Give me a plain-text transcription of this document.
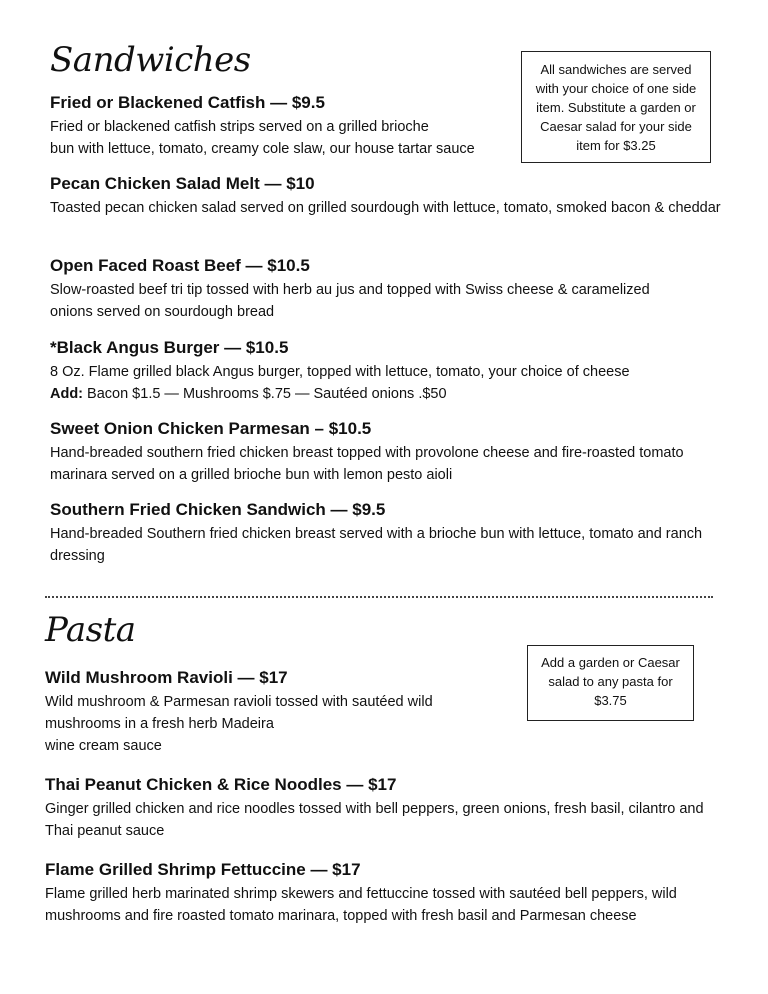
Sandwiches	All sandwiches are served with your choice of one side item. Substitute a garden or Caesar salad for your side item for $3.25

Fried or Blackened Catfish — $9.5

Fried or blackened catfish strips served on a grilled brioche
bun with lettuce, tomato, creamy cole slaw, our house tartar sauce

Pecan Chicken Salad Melt — $10

Toasted pecan chicken salad served on grilled sourdough with lettuce, tomato, smoked bacon & cheddar

Open Faced Roast Beef — $10.5

Slow-roasted beef tri tip tossed with herb au jus and topped with Swiss cheese & caramelized onions served on sourdough bread

*Black Angus Burger — $10.5

8 Oz. Flame grilled black Angus burger, topped with lettuce, tomato, your choice of cheese

Add: Bacon $1.5 — Mushrooms $.75 — Sautéed onions .$50

Sweet Onion Chicken Parmesan – $10.5

Hand-breaded southern fried chicken breast topped with provolone cheese and fire-roasted tomato marinara served on a grilled brioche bun with lemon pesto aioli

Southern Fried Chicken Sandwich — $9.5

Hand-breaded Southern fried chicken breast served with a brioche bun with lettuce, tomato and ranch dressing

Pasta
Add a garden or Caesar salad to any pasta for $3.75

Wild Mushroom Ravioli — $17

Wild mushroom & Parmesan ravioli tossed with sautéed wild
mushrooms in a fresh herb Madeira
wine cream sauce

Thai Peanut Chicken & Rice Noodles — $17

Ginger grilled chicken and rice noodles tossed with bell peppers, green onions, fresh basil, cilantro and Thai peanut sauce

Flame Grilled Shrimp Fettuccine — $17

Flame grilled herb marinated shrimp skewers and fettuccine tossed with sautéed bell peppers, wild mushrooms and fire roasted tomato marinara, topped with fresh basil and Parmesan cheese
